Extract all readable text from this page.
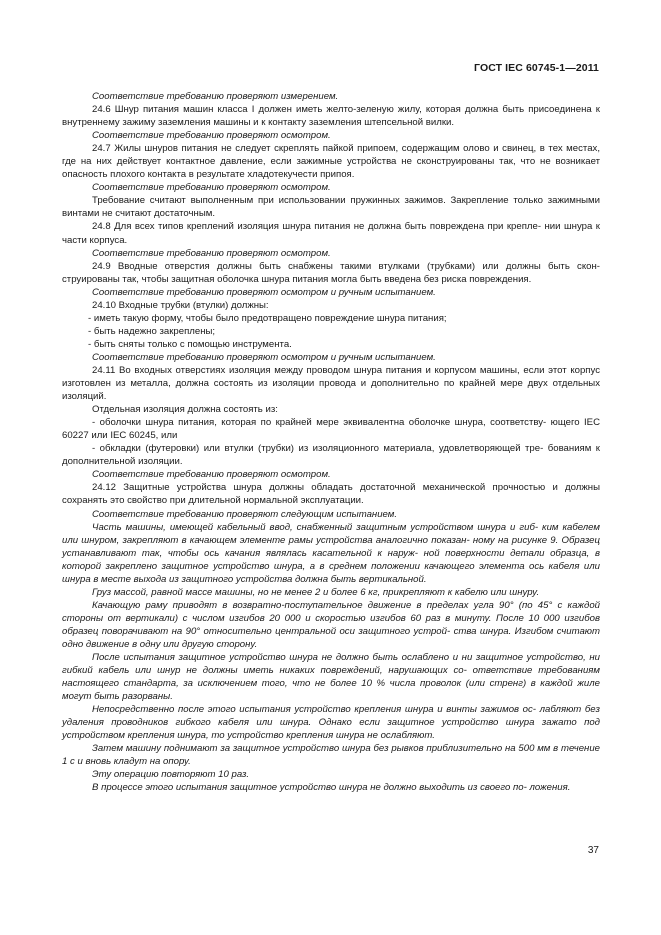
ГОСТ IEC 60745-1—2011

Соответствие требованию проверяют измерением.

24.6 Шнур питания машин класса I должен иметь желто-зеленую жилу, которая должна быть присоединена к внутреннему зажиму заземления машины и к контакту заземления штепсельной вилки.

Соответствие требованию проверяют осмотром.

24.7 Жилы шнуров питания не следует скреплять пайкой припоем, содержащим олово и свинец, в тех местах, где на них действует контактное давление, если зажимные устройства не сконструированы так, что не возникает опасность плохого контакта в результате хладотекучести припоя.

Соответствие требованию проверяют осмотром.

Требование считают выполненным при использовании пружинных зажимов. Закрепление только зажимными винтами не считают достаточным.

24.8 Для всех типов креплений изоляция шнура питания не должна быть повреждена при крепле- нии шнура к части корпуса.

Соответствие требованию проверяют осмотром.

24.9 Вводные отверстия должны быть снабжены такими втулками (трубками) или должны быть скон- струированы так, чтобы защитная оболочка шнура питания могла быть введена без риска повреждения.

Соответствие требованию проверяют осмотром и ручным испытанием.

24.10 Входные трубки (втулки) должны:

- иметь такую форму, чтобы было предотвращено повреждение шнура питания;

- быть надежно закреплены;

- быть сняты только с помощью инструмента.

Соответствие требованию проверяют осмотром и ручным испытанием.

24.11 Во входных отверстиях изоляция между проводом шнура питания и корпусом машины, если этот корпус изготовлен из металла, должна состоять из изоляции провода и дополнительно по крайней мере двух отдельных изоляций.

Отдельная изоляция должна состоять из:

- оболочки шнура питания, которая по крайней мере эквивалентна оболочке шнура, соответству- ющего IEC 60227 или IEC 60245, или

- обкладки (футеровки) или втулки (трубки) из изоляционного материала, удовлетворяющей тре- бованиям к дополнительной изоляции.

Соответствие требованию проверяют осмотром.

24.12 Защитные устройства шнура должны обладать достаточной механической прочностью и должны сохранять это свойство при длительной нормальной эксплуатации.

Соответствие требованию проверяют следующим испытанием.

Часть машины, имеющей кабельный ввод, снабженный защитным устройством шнура и гиб- ким кабелем или шнуром, закрепляют в качающем элементе рамы устройства аналогично показан- ному на рисунке 9. Образец устанавливают так, чтобы ось качания являлась касательной к наруж- ной поверхности детали образца, в которой закреплено защитное устройство шнура, а в среднем положении качающего элемента ось кабеля или шнура в месте выхода из защитного устройства должна быть вертикальной.

Груз массой, равной массе машины, но не менее 2 и более 6 кг, прикрепляют к кабелю или шнуру.

Качающую раму приводят в возвратно-поступательное движение в пределах угла 90° (по 45° с каждой стороны от вертикали) с числом изгибов 20 000 и скоростью изгибов 60 раз в минуту. После 10 000 изгибов образец поворачивают на 90° относительно центральной оси защитного устрой- ства шнура. Изгибом считают одно движение в одну или другую сторону.

После испытания защитное устройство шнура не должно быть ослаблено и ни защитное устройство, ни гибкий кабель или шнур не должны иметь никаких повреждений, нарушающих со- ответствие требованиям настоящего стандарта, за исключением того, что не более 10 % числа проволок (или стренг) в каждой жиле могут быть разорваны.

Непосредственно после этого испытания устройство крепления шнура и винты зажимов ос- лабляют без удаления проводников гибкого кабеля или шнура. Однако если защитное устройство шнура зажато под устройством крепления шнура, то устройство крепления шнура не ослабляют.

Затем машину поднимают за защитное устройство шнура без рывков приблизительно на 500 мм в течение 1 с и вновь кладут на опору.

Эту операцию повторяют 10 раз.

В процессе этого испытания защитное устройство шнура не должно выходить из своего по- ложения.

37
